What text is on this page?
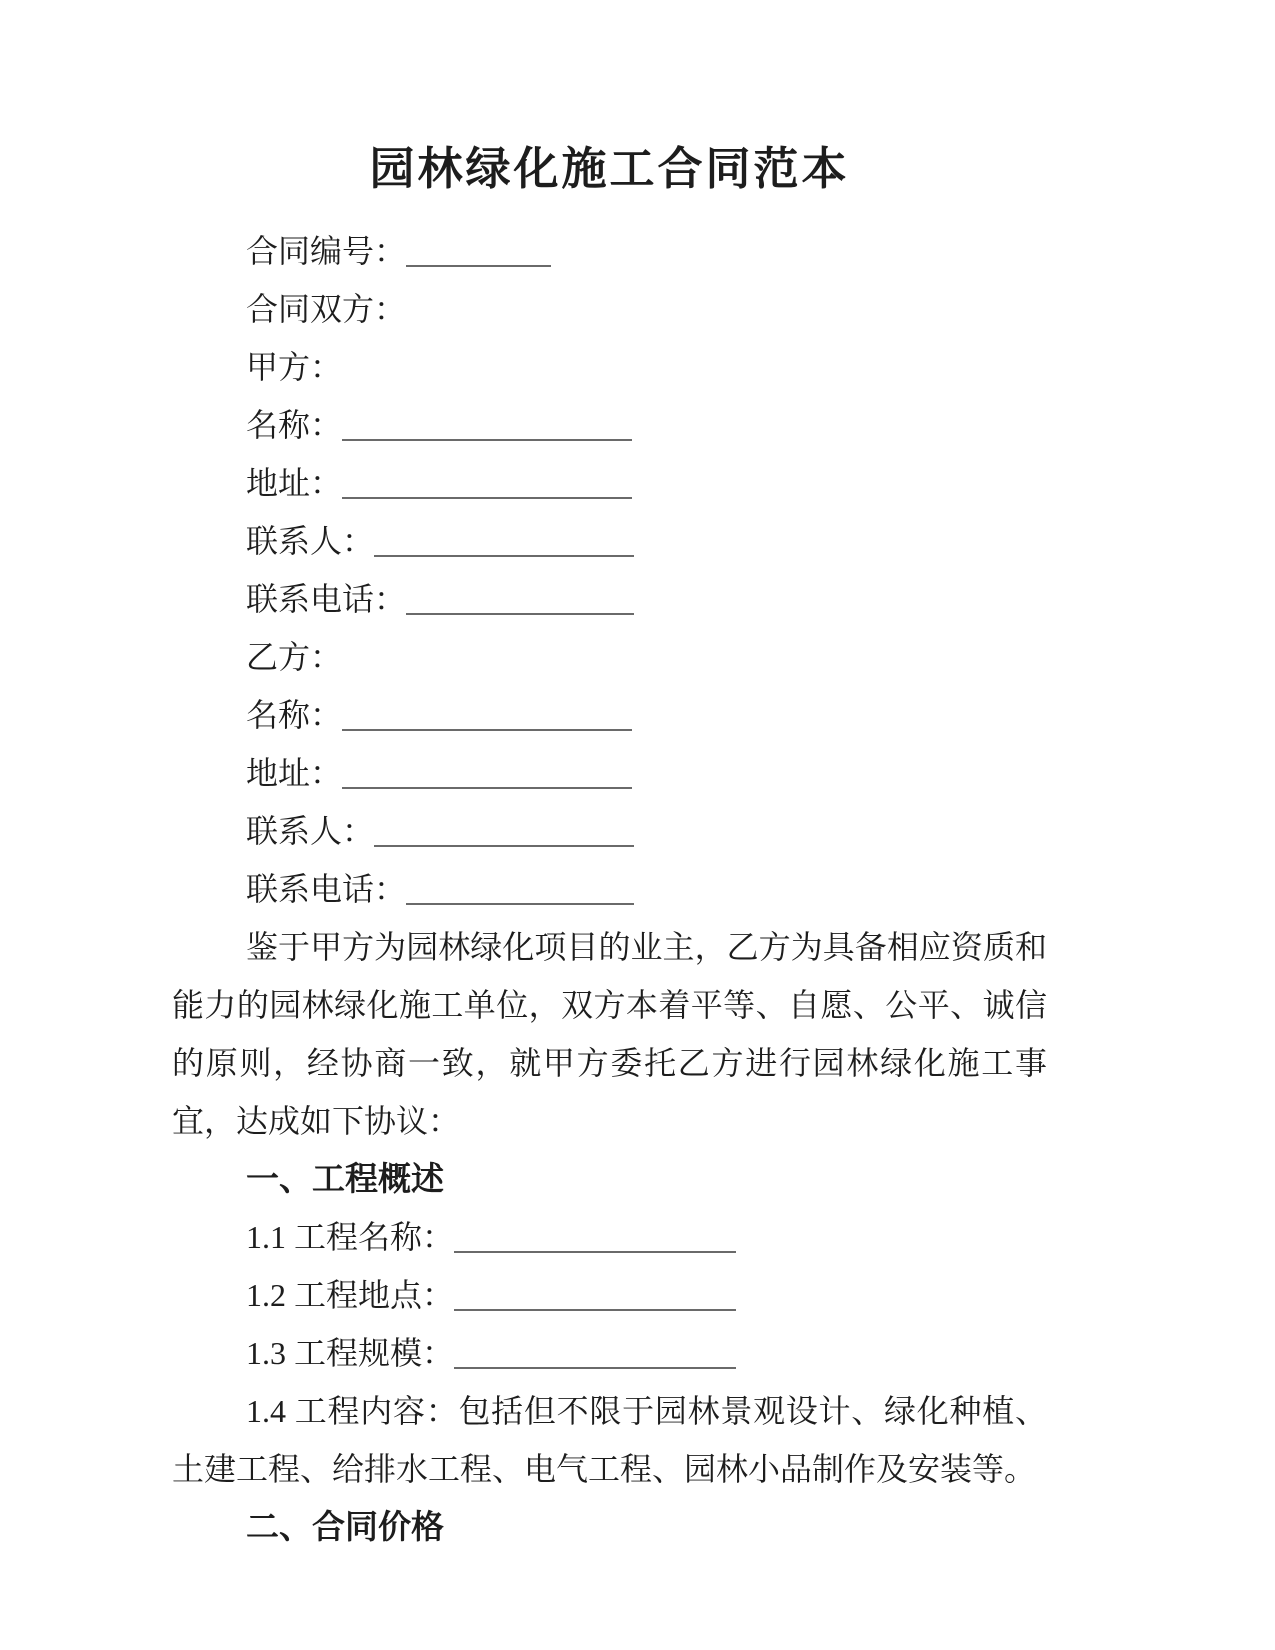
园林绿化施工合同范本
合同编号：
合同双方：
甲方：
名称：
地址：
联系人：
联系电话：
乙方：
名称：
地址：
联系人：
联系电话：

鉴于甲方为园林绿化项目的业主，乙方为具备相应资质和能力的园林绿化施工单位，双方本着平等、自愿、公平、诚信的原则，经协商一致，就甲方委托乙方进行园林绿化施工事宜，达成如下协议：

一、工程概述
1.1 工程名称：
1.2 工程地点：
1.3 工程规模：

1.4 工程内容：包括但不限于园林景观设计、绿化种植、土建工程、给排水工程、电气工程、园林小品制作及安装等。

二、合同价格
